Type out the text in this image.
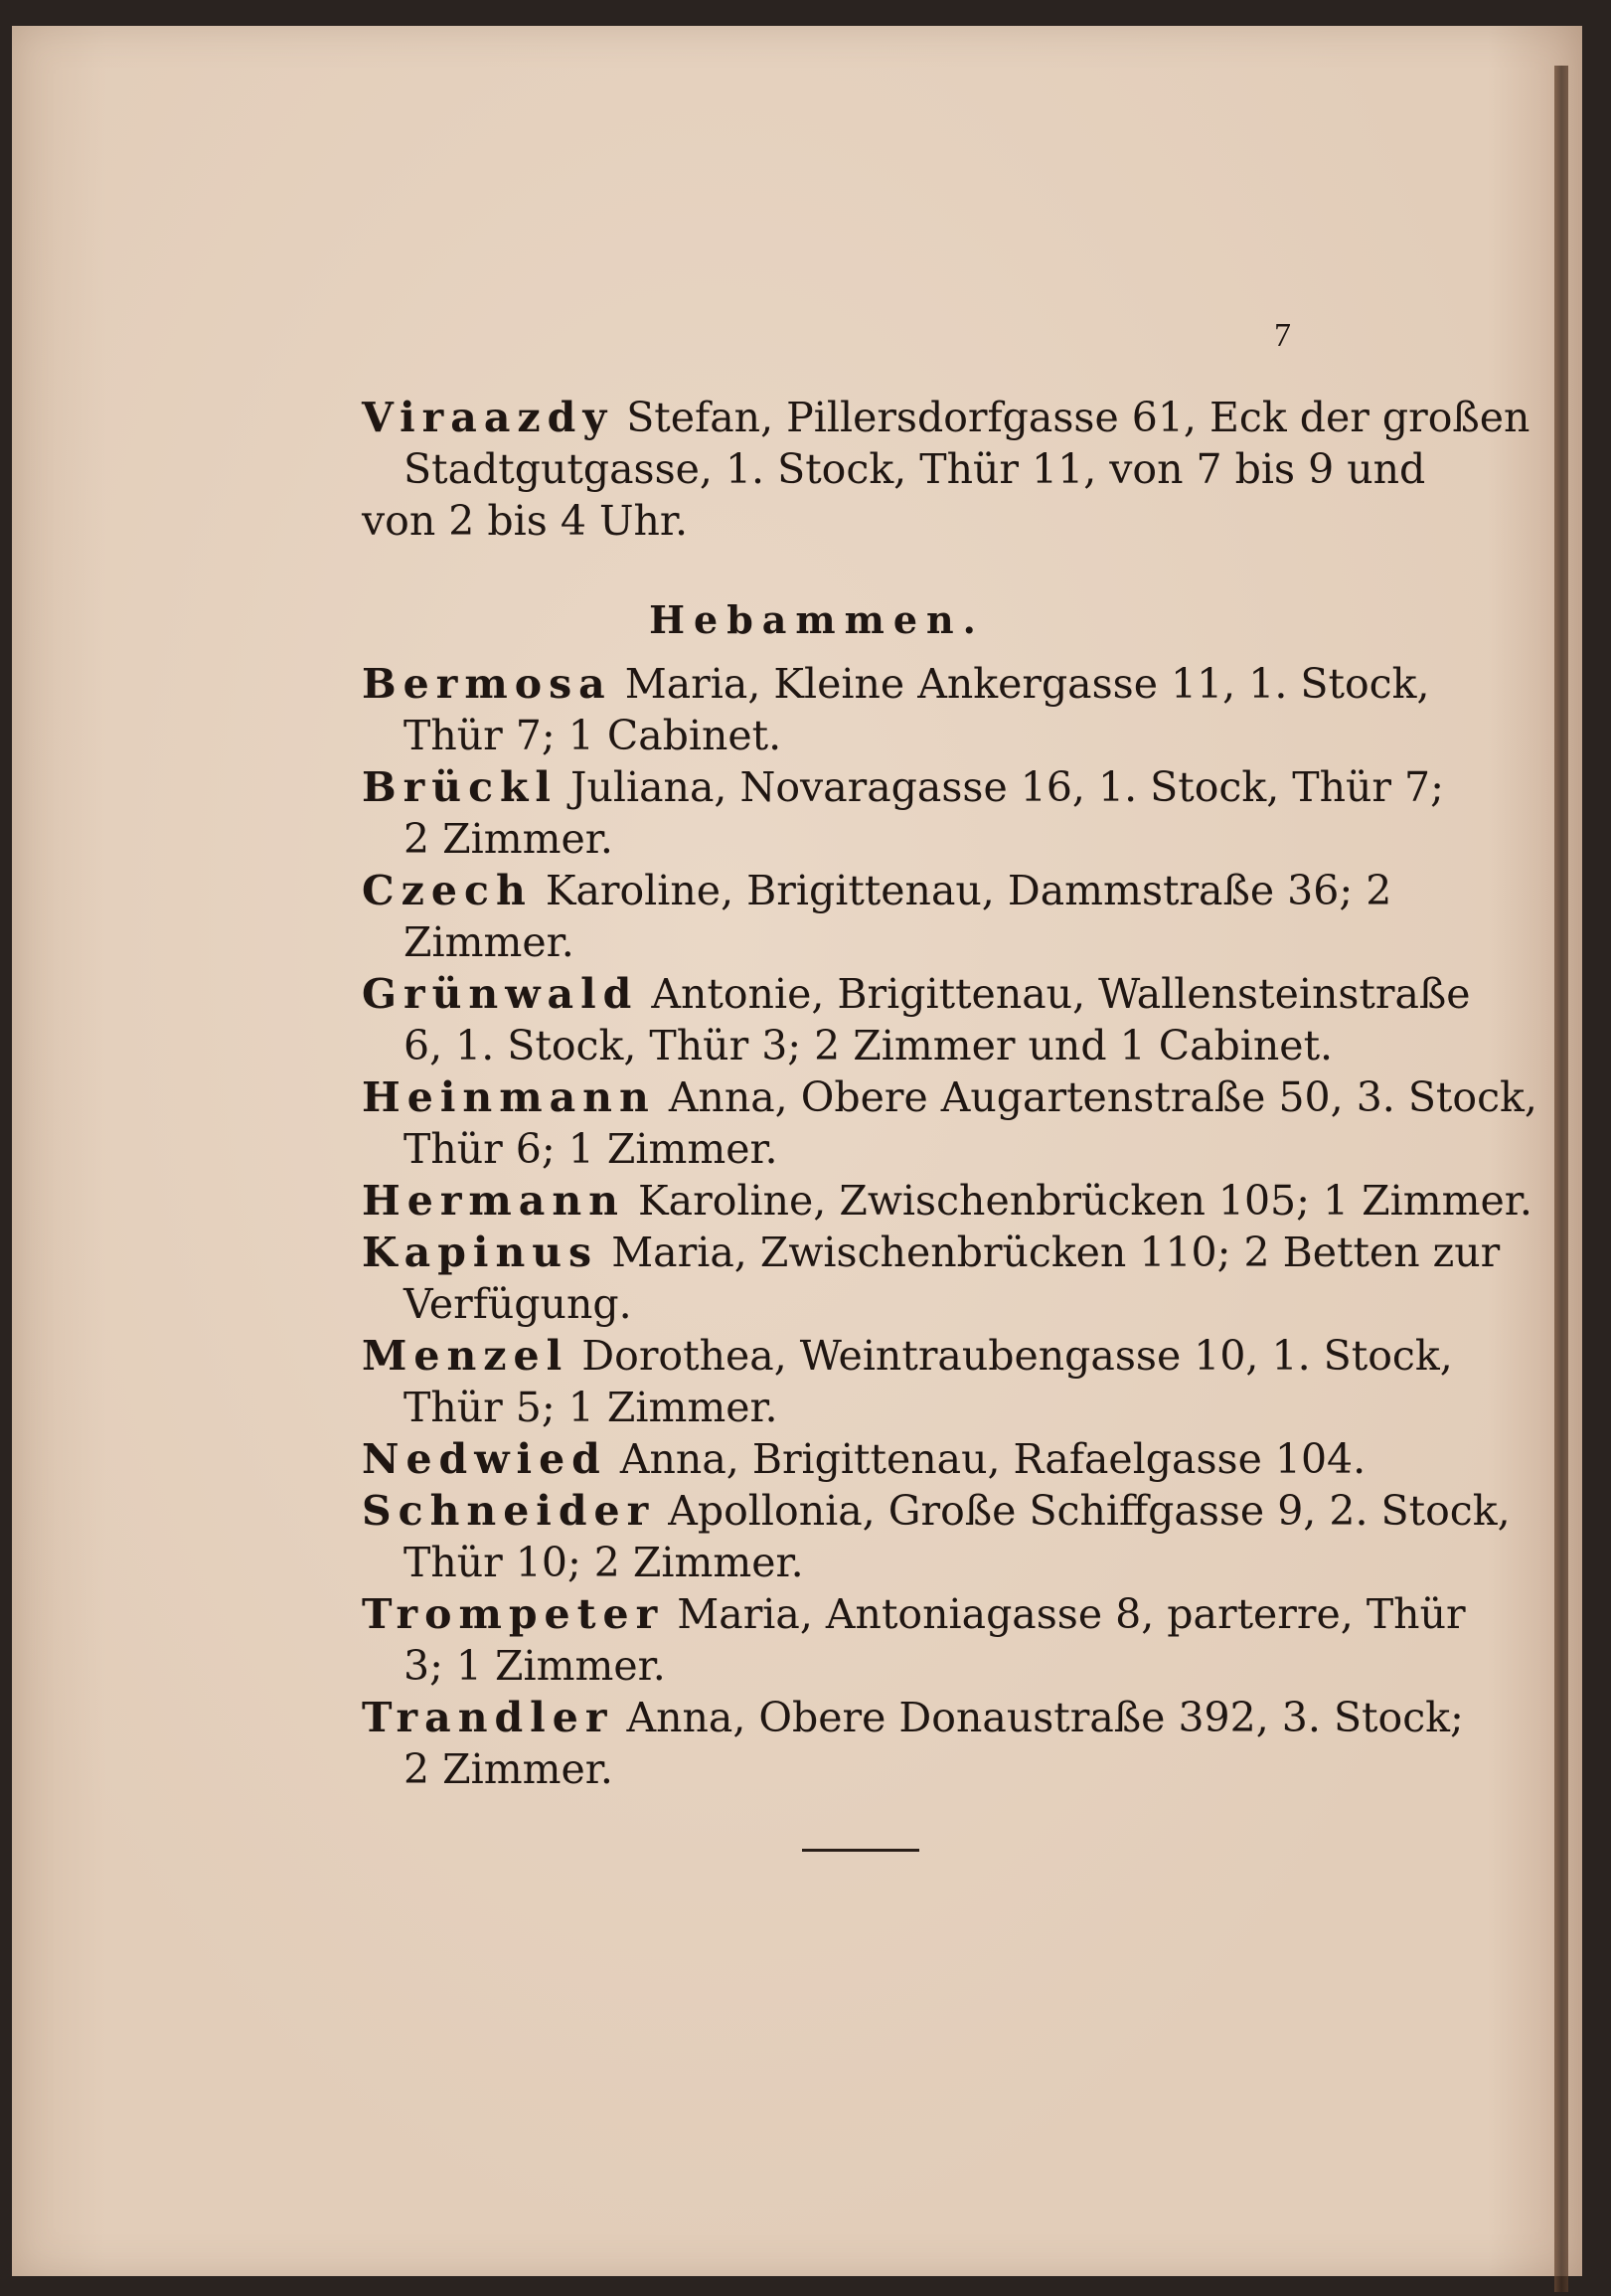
7
Viraazdy Stefan, Pillersdorfgasse 61, Eck der großen
Stadtgutgasse, 1. Stock, Thür 11, von 7 bis 9 und
von 2 bis 4 Uhr.
Hebammen.
Bermosa Maria, Kleine Ankergasse 11, 1. Stock,
Thür 7; 1 Cabinet.
Brückl Juliana, Novaragasse 16, 1. Stock, Thür 7;
2 Zimmer.
Czech Karoline, Brigittenau, Dammstraße 36; 2
Zimmer.
Grünwald Antonie, Brigittenau, Wallensteinstraße
6, 1. Stock, Thür 3; 2 Zimmer und 1 Cabinet.
Heinmann Anna, Obere Augartenstraße 50, 3. Stock,
Thür 6; 1 Zimmer.
Hermann Karoline, Zwischenbrücken 105; 1 Zimmer.
Kapinus Maria, Zwischenbrücken 110; 2 Betten zur
Verfügung.
Menzel Dorothea, Weintraubengasse 10, 1. Stock,
Thür 5; 1 Zimmer.
Nedwied Anna, Brigittenau, Rafaelgasse 104.
Schneider Apollonia, Große Schiffgasse 9, 2. Stock,
Thür 10; 2 Zimmer.
Trompeter Maria, Antoniagasse 8, parterre, Thür
3; 1 Zimmer.
Trandler Anna, Obere Donaustraße 392, 3. Stock;
2 Zimmer.
